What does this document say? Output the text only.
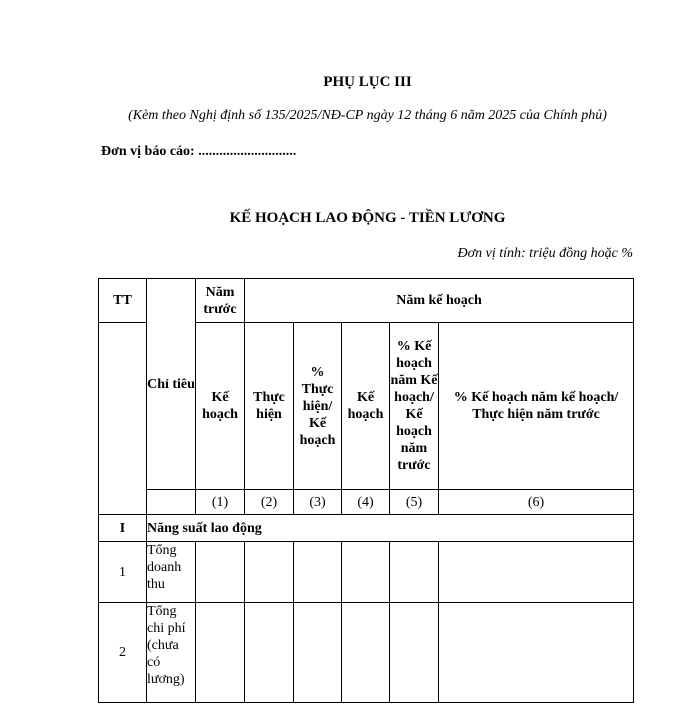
PHỤ LỤC III
(Kèm theo Nghị định số 135/2025/NĐ-CP ngày 12 tháng 6 năm 2025 của Chính phủ)
Đơn vị báo cáo: ............................
KẾ HOẠCH LAO ĐỘNG - TIỀN LƯƠNG
Đơn vị tính: triệu đồng hoặc %
TT	Chỉ tiêu	Năm trước	Năm kế hoạch				
		Kế hoạch	Thực hiện	% Thực hiện/ Kế hoạch	Kế hoạch	% Kế hoạch năm Kế hoạch/ Kế hoạch năm trước	% Kế hoạch năm kế hoạch/ Thực hiện năm trước
		(1)	(2)	(3)	(4)	(5)	(6)
I	Năng suất lao động						
1	Tổng doanh thu						
2	Tổng chi phí (chưa có lương)						
